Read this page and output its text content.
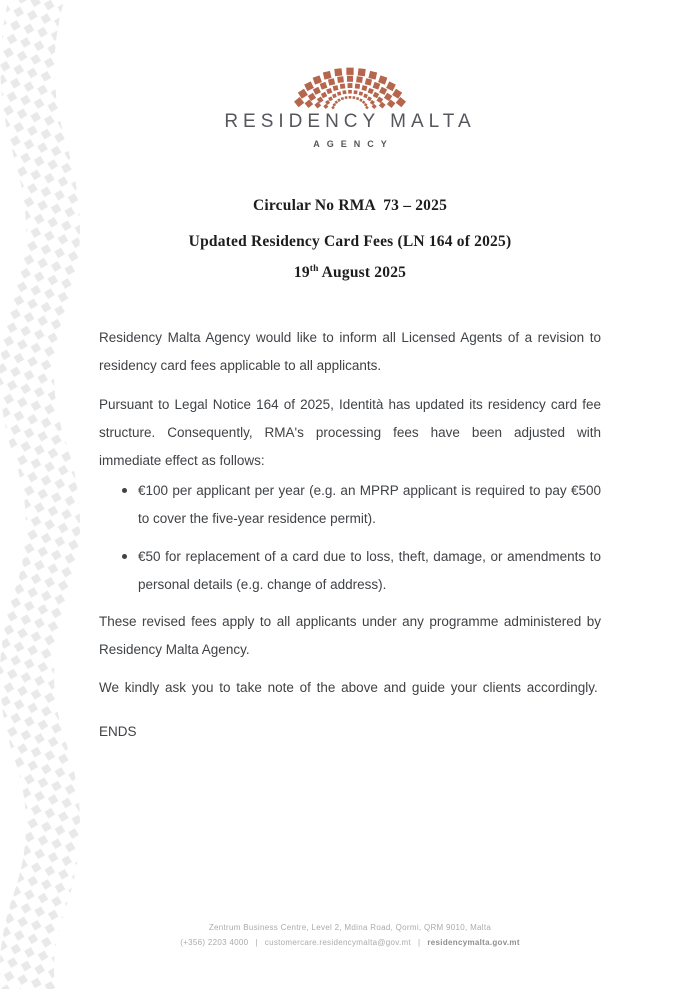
RESIDENCY MALTA
AGENCY
Circular No RMA  73 – 2025
Updated Residency Card Fees (LN 164 of 2025)
19th August 2025

Residency Malta Agency would like to inform all Licensed Agents of a revision to residency card fees applicable to all applicants.

Pursuant to Legal Notice 164 of 2025, Identità has updated its residency card fee structure. Consequently, RMA's processing fees have been adjusted with immediate effect as follows:

€100 per applicant per year (e.g. an MPRP applicant is required to pay €500 to cover the five-year residence permit).
€50 for replacement of a card due to loss, theft, damage, or amendments to personal details (e.g. change of address).

These revised fees apply to all applicants under any programme administered by Residency Malta Agency.

We kindly ask you to take note of the above and guide your clients accordingly.

ENDS

Zentrum Business Centre, Level 2, Mdina Road, Qormi, QRM 9010, Malta
(+356) 2203 4000 | customercare.residencymalta@gov.mt | residencymalta.gov.mt
